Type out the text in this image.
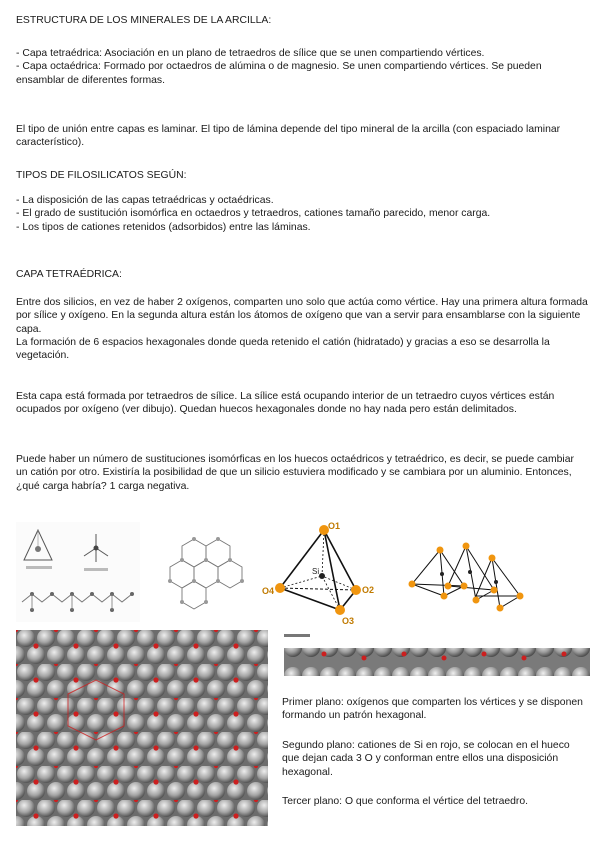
ESTRUCTURA DE LOS MINERALES DE LA ARCILLA:
- Capa tetraédrica: Asociación en un plano de tetraedros de sílice que se unen compartiendo vértices.
- Capa octaédrica: Formado por octaedros de alúmina o de magnesio. Se unen compartiendo vértices. Se pueden ensamblar de diferentes formas.
El tipo de unión entre capas es laminar. El tipo de lámina depende del tipo mineral de la arcilla (con espaciado laminar característico).
TIPOS DE FILOSILICATOS SEGÚN:
- La disposición de las capas tetraédricas y octaédricas.
- El grado de sustitución isomórfica en octaedros y tetraedros, cationes tamaño parecido, menor carga.
- Los tipos de cationes retenidos (adsorbidos) entre las láminas.
CAPA TETRAÉDRICA:
Entre dos silicios, en vez de haber 2 oxígenos, comparten uno solo que actúa como vértice. Hay una primera altura formada por sílice y oxígeno. En la segunda altura están los átomos de oxígeno que van a servir para ensamblarse con la siguiente capa.
La formación de 6 espacios hexagonales donde queda retenido el catión (hidratado) y gracias a eso se desarrolla la vegetación.
Esta capa está formada por tetraedros de sílice. La sílice está ocupando interior de un tetraedro cuyos vértices están ocupados por oxígeno (ver dibujo). Quedan huecos hexagonales donde no hay nada pero están delimitados.
Puede haber un número de sustituciones isomórficas en los huecos octaédricos y tetraédrico, es decir, se puede cambiar un catión por otro. Existiría la posibilidad de que un silicio estuviera modificado y se cambiara por un aluminio. Entonces, ¿qué carga habría? 1 carga negativa.
O1
O2
O3
O4
Si
Primer plano: oxígenos que comparten los vértices y se disponen formando un patrón hexagonal.
Segundo plano: cationes de Si en rojo, se colocan en el hueco que dejan cada 3 O y conforman entre ellos una disposición hexagonal.
Tercer plano: O que conforma el vértice del tetraedro.
